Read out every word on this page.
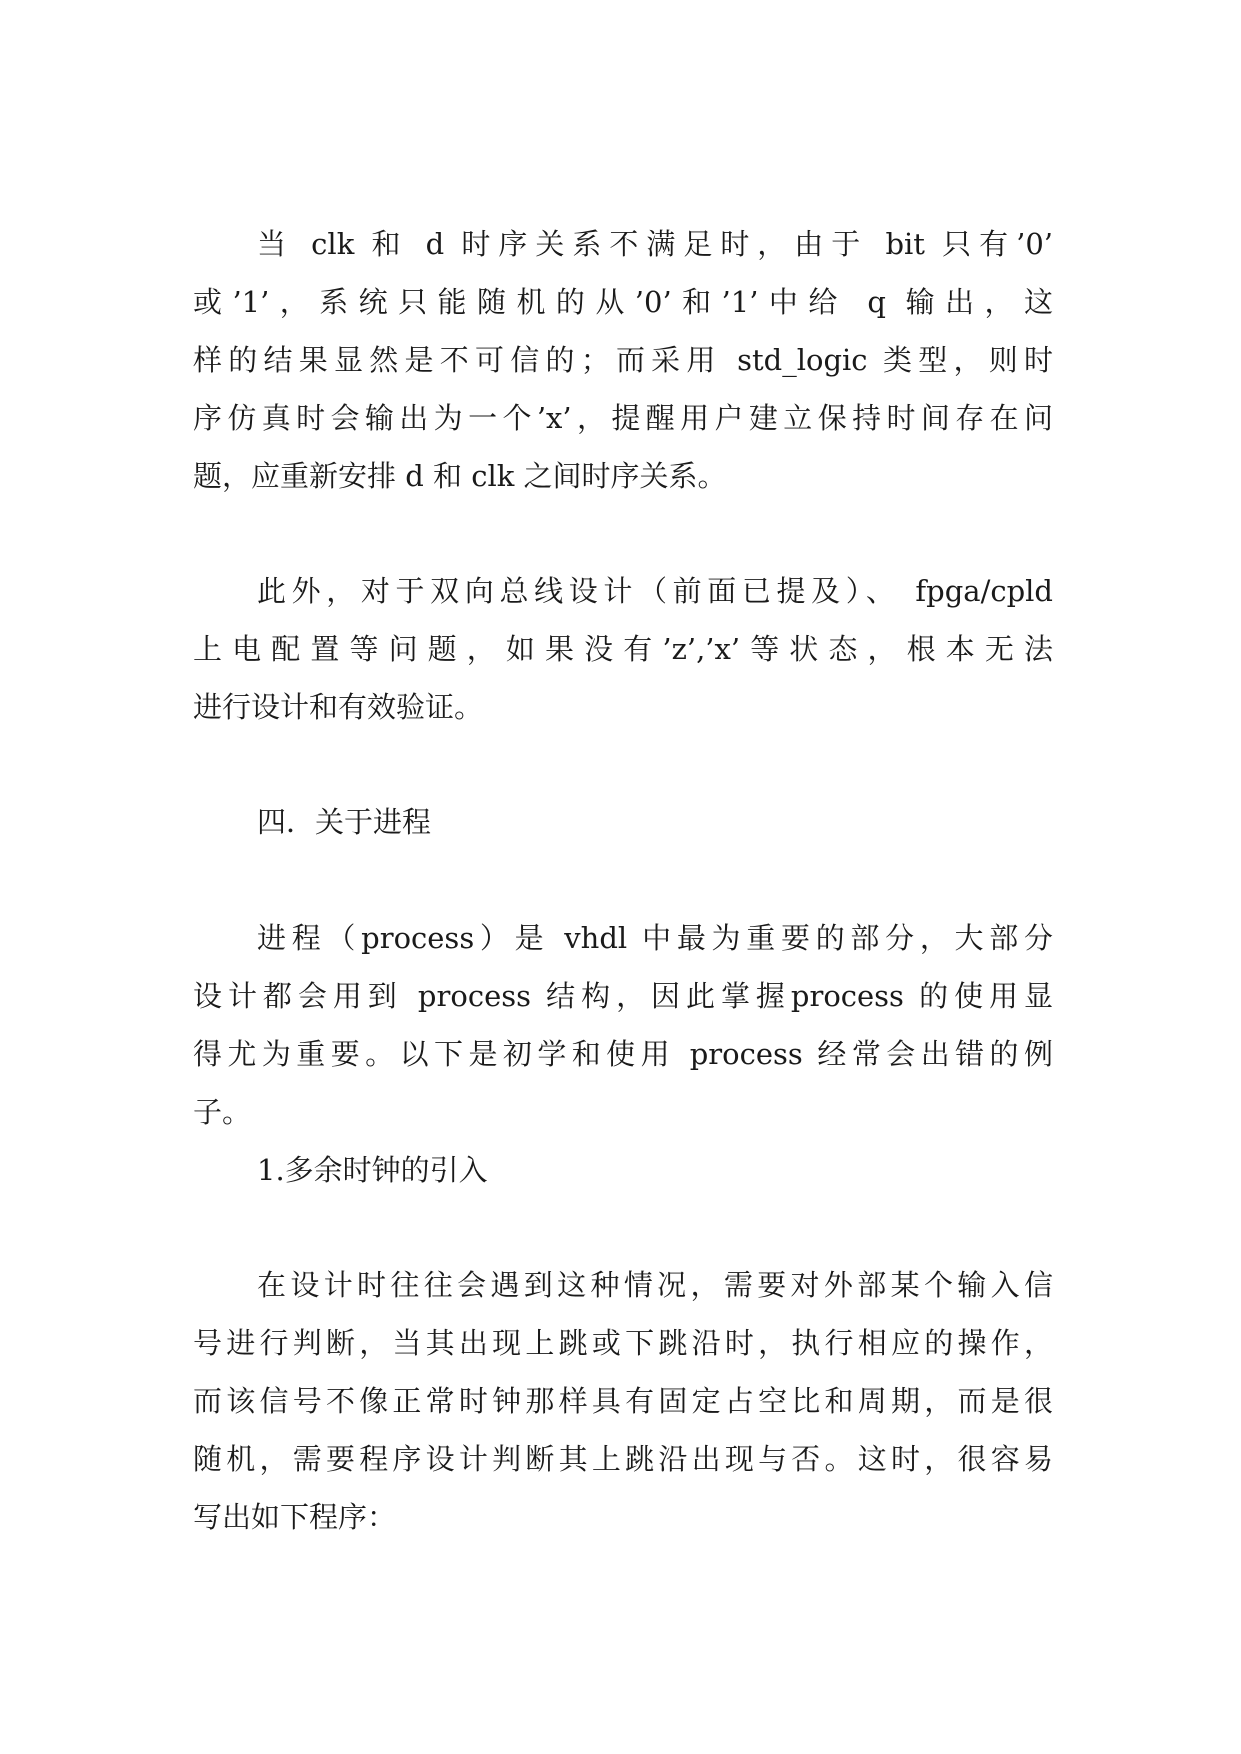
当 clk 和 d 时序关系不满足时，由于 bit 只有’0’
或’1’，系统只能随机的从’0’和’1’中给 q 输出，这
样的结果显然是不可信的；而采用 std_logic 类型，则时
序仿真时会输出为一个’x’，提醒用户建立保持时间存在问
题，应重新安排 d 和 clk 之间时序关系。
此外，对于双向总线设计（前面已提及）、 fpga/cpld
上电配置等问题，如果没有’z’,’x’等状态，根本无法
进行设计和有效验证。
四．关于进程
进程（process）是 vhdl 中最为重要的部分，大部分
设计都会用到 process 结构，因此掌握process 的使用显
得尤为重要。以下是初学和使用 process 经常会出错的例
子。
1.多余时钟的引入
在设计时往往会遇到这种情况，需要对外部某个输入信
号进行判断，当其出现上跳或下跳沿时，执行相应的操作，
而该信号不像正常时钟那样具有固定占空比和周期，而是很
随机，需要程序设计判断其上跳沿出现与否。这时，很容易
写出如下程序：
